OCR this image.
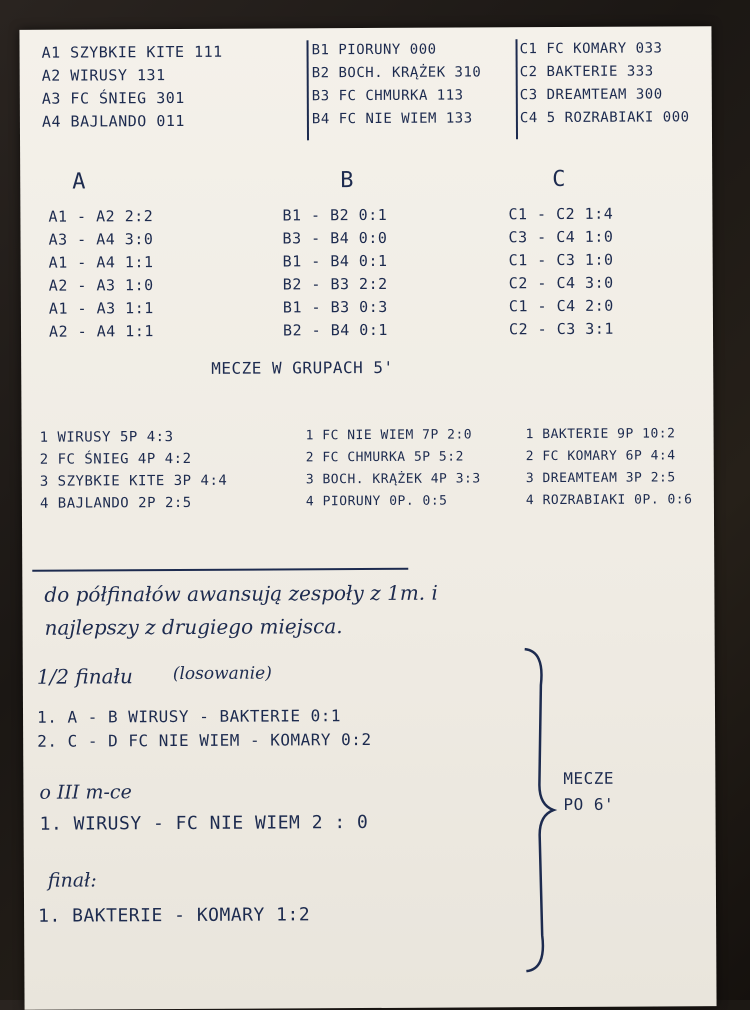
A1 SZYBKIE KITE 111
A2 WIRUSY 131
A3 FC ŚNIEG 301
A4 BAJLANDO 011
B1 PIORUNY 000
B2 BOCH. KRĄŻEK 310
B3 FC CHMURKA 113
B4 FC NIE WIEM 133
C1 FC KOMARY 033
C2 BAKTERIE 333
C3 DREAMTEAM 300
C4 5 ROZRABIAKI 000
A
A1 - A2 2:2
A3 - A4 3:0
A1 - A4 1:1
A2 - A3 1:0
A1 - A3 1:1
A2 - A4 1:1
B
B1 - B2 0:1
B3 - B4 0:0
B1 - B4 0:1
B2 - B3 2:2
B1 - B3 0:3
B2 - B4 0:1
C
C1 - C2 1:4
C3 - C4 1:0
C1 - C3 1:0
C2 - C4 3:0
C1 - C4 2:0
C2 - C3 3:1
MECZE W GRUPACH 5'
1 WIRUSY 5P 4:3
2 FC ŚNIEG 4P 4:2
3 SZYBKIE KITE 3P 4:4
4 BAJLANDO 2P 2:5
1 FC NIE WIEM 7P 2:0
2 FC CHMURKA 5P 5:2
3 BOCH. KRĄŻEK 4P 3:3
4 PIORUNY 0P. 0:5
1 BAKTERIE 9P 10:2
2 FC KOMARY 6P 4:4
3 DREAMTEAM 3P 2:5
4 ROZRABIAKI 0P. 0:6
do półfinałów awansują zespoły z 1m. i
najlepszy z drugiego miejsca.
1/2 finału (losowanie)
1. A - B WIRUSY - BAKTERIE 0:1
2. C - D FC NIE WIEM - KOMARY 0:2
o III m-ce
1. WIRUSY - FC NIE WIEM 2 : 0
finał:
1. BAKTERIE - KOMARY 1:2
MECZE
PO 6'
